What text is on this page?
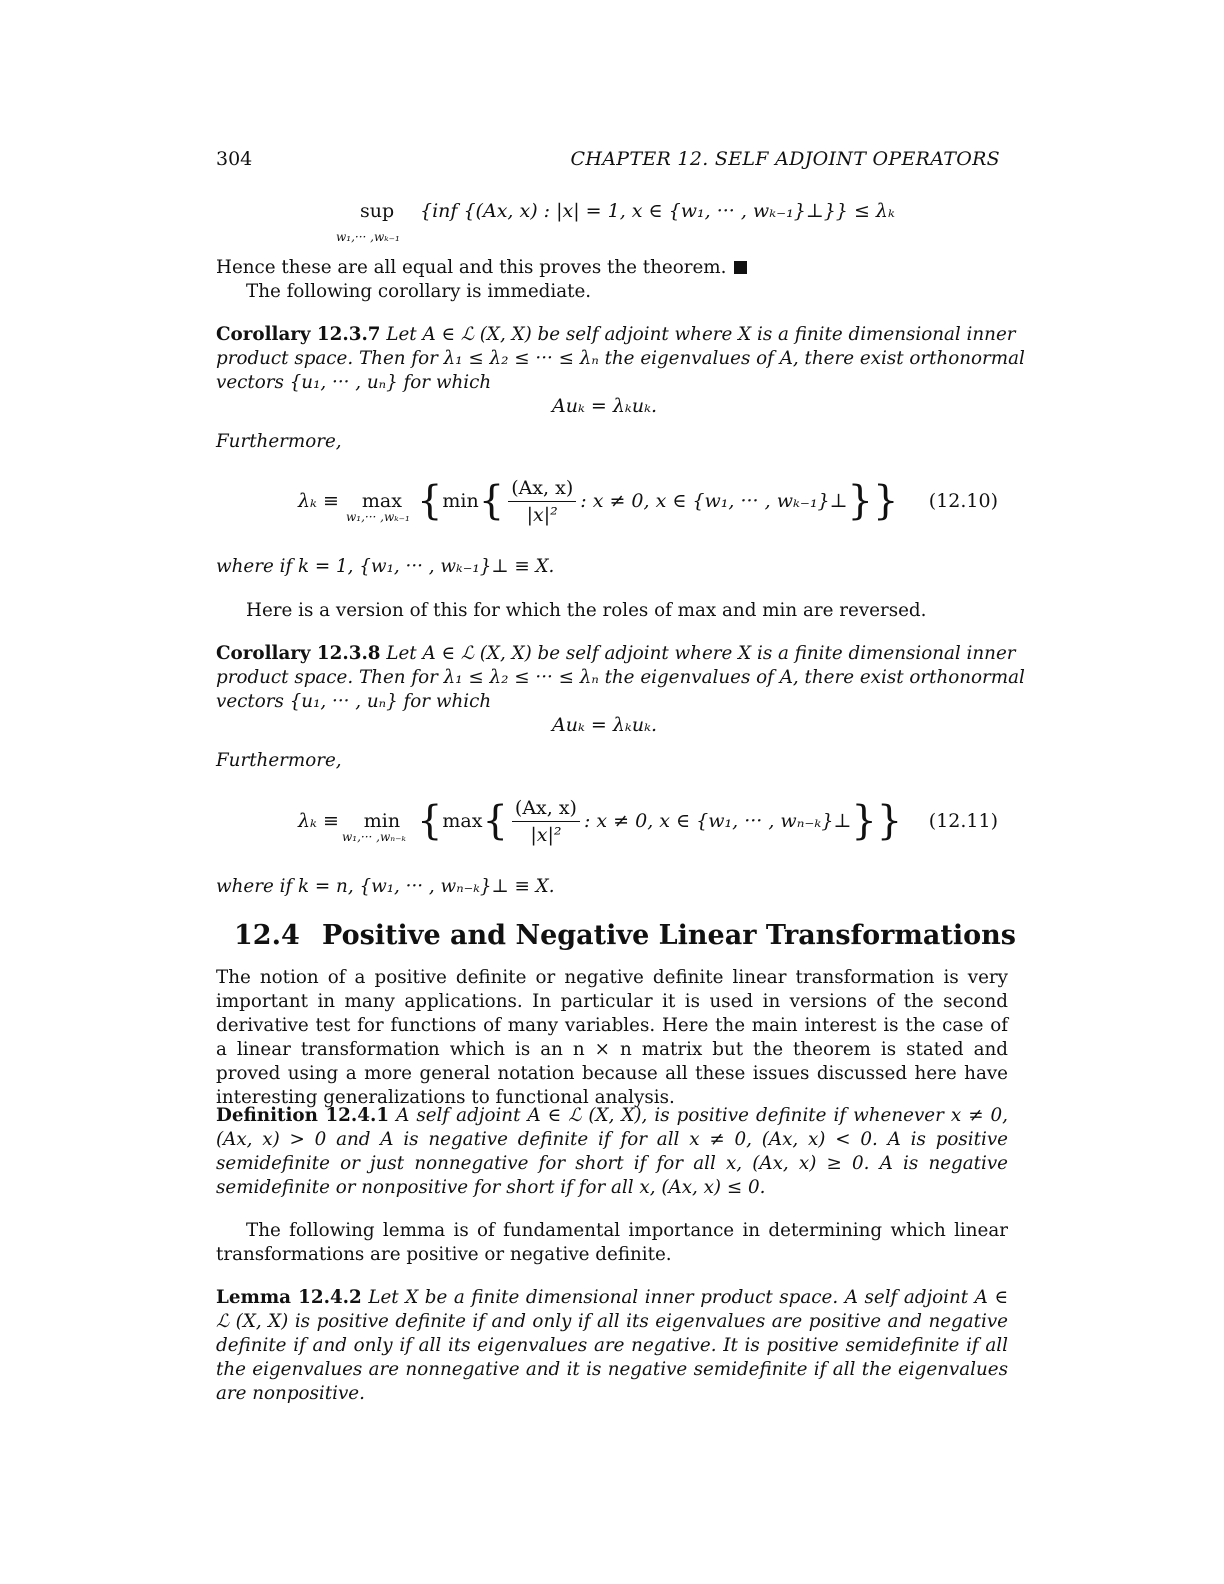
304	CHAPTER 12. SELF ADJOINT OPERATORS
sup
w₁,··· ,wₖ₋₁
{inf {(Ax, x) : |x| = 1, x ∈ {w₁, ··· , wₖ₋₁}⊥}} ≤ λₖ
Hence these are all equal and this proves the theorem.
The following corollary is immediate.
Corollary 12.3.7 Let A ∈ ℒ (X, X) be self adjoint where X is a finite dimensional inner
product space. Then for λ₁ ≤ λ₂ ≤ ··· ≤ λₙ the eigenvalues of A, there exist orthonormal
vectors {u₁, ··· , uₙ} for which
Auₖ = λₖuₖ.
Furthermore,
λₖ ≡	max { min { $\frac{(Ax, x)}{\text{|x|²}}$ : x ≠ 0, x ∈ {w₁, ··· , wₖ₋₁}⊥ }}
w₁,··· ,wₖ₋₁
(12.10)
where if k = 1, {w₁, ··· , wₖ₋₁}⊥ ≡ X.
Here is a version of this for which the roles of max and min are reversed.
Corollary 12.3.8 Let A ∈ ℒ (X, X) be self adjoint where X is a finite dimensional inner
product space. Then for λ₁ ≤ λ₂ ≤ ··· ≤ λₙ the eigenvalues of A, there exist orthonormal
vectors {u₁, ··· , uₙ} for which
Auₖ = λₖuₖ.
Furthermore,
λₖ ≡	min { max { $\frac{(Ax, x)}{\text{|x|²}}$ : x ≠ 0, x ∈ {w₁, ··· , wₙ₋ₖ}⊥ }}
w₁,··· ,wₙ₋ₖ
(12.11)
where if k = n, {w₁, ··· , wₙ₋ₖ}⊥ ≡ X.
12.4 Positive and Negative Linear Transformations
The notion of a positive definite or negative definite linear transformation is very important in many applications. In particular it is used in versions of the second derivative test for functions of many variables. Here the main interest is the case of a linear transformation which is an n × n matrix but the theorem is stated and proved using a more general notation because all these issues discussed here have interesting generalizations to functional analysis.
Definition 12.4.1 A self adjoint A ∈ ℒ (X, X), is positive definite if whenever x ≠ 0, (Ax, x) > 0 and A is negative definite if for all x ≠ 0, (Ax, x) < 0. A is positive semidefinite or just nonnegative for short if for all x, (Ax, x) ≥ 0. A is negative semidefinite or nonpositive for short if for all x, (Ax, x) ≤ 0.
The following lemma is of fundamental importance in determining which linear transformations are positive or negative definite.
Lemma 12.4.2 Let X be a finite dimensional inner product space. A self adjoint A ∈ ℒ (X, X) is positive definite if and only if all its eigenvalues are positive and negative definite if and only if all its eigenvalues are negative. It is positive semidefinite if all the eigenvalues are nonnegative and it is negative semidefinite if all the eigenvalues are nonpositive.
